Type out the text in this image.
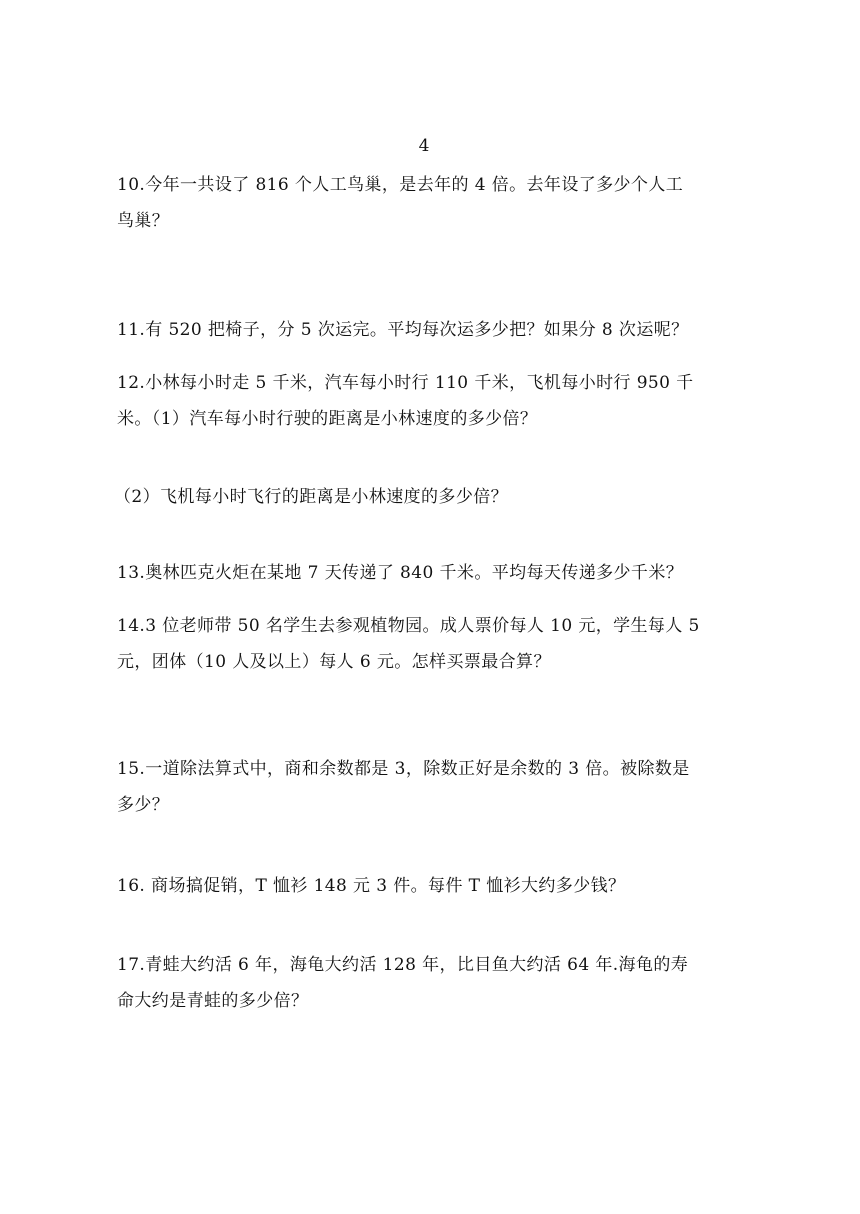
4
10.今年一共设了 816 个人工鸟巢，是去年的 4 倍。去年设了多少个人工
鸟巢？
11.有 520 把椅子，分 5 次运完。平均每次运多少把？如果分 8 次运呢？
12.小林每小时走 5 千米，汽车每小时行 110 千米，飞机每小时行 950 千
米。（1）汽车每小时行驶的距离是小林速度的多少倍？
（2）飞机每小时飞行的距离是小林速度的多少倍？
13.奥林匹克火炬在某地 7 天传递了 840 千米。平均每天传递多少千米？
14.3 位老师带 50 名学生去参观植物园。成人票价每人 10 元，学生每人 5
元，团体（10 人及以上）每人 6 元。怎样买票最合算？
15.一道除法算式中，商和余数都是 3，除数正好是余数的 3 倍。被除数是
多少？
16. 商场搞促销，T 恤衫 148 元 3 件。每件 T 恤衫大约多少钱？
17.青蛙大约活 6 年，海龟大约活 128 年，比目鱼大约活 64 年.海龟的寿
命大约是青蛙的多少倍？
